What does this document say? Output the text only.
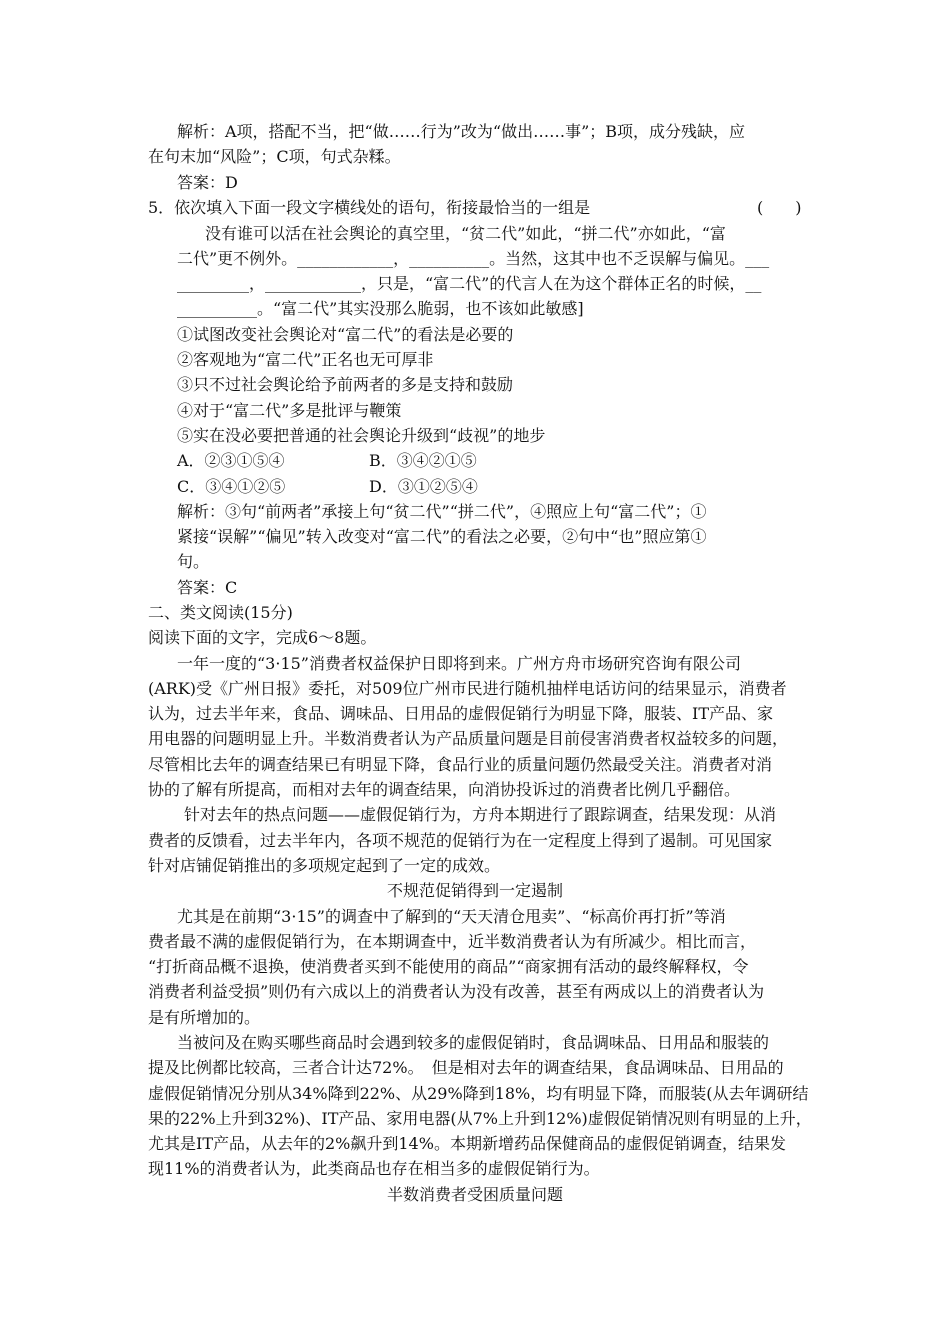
解析：A项，搭配不当，把“做……行为”改为“做出……事”；B项，成分残缺，应
在句末加“风险”；C项，句式杂糅。
答案：D
5．依次填入下面一段文字横线处的语句，衔接最恰当的一组是	(　　)
没有谁可以活在社会舆论的真空里，“贫二代”如此，“拼二代”亦如此，“富
二代”更不例外。____________，__________。当然，这其中也不乏误解与偏见。___
_________，____________，只是，“富二代”的代言人在为这个群体正名的时候，__
__________。“富二代”其实没那么脆弱，也不该如此敏感]
①试图改变社会舆论对“富二代”的看法是必要的
②客观地为“富二代”正名也无可厚非
③只不过社会舆论给予前两者的多是支持和鼓励
④对于“富二代”多是批评与鞭策
⑤实在没必要把普通的社会舆论升级到“歧视”的地步
A．②③①⑤④	B．③④②①⑤
C．③④①②⑤	D．③①②⑤④
解析：③句“前两者”承接上句“贫二代”“拼二代”，④照应上句“富二代”；①
紧接“误解”“偏见”转入改变对“富二代”的看法之必要，②句中“也”照应第①
句。
答案：C
二、类文阅读(15分)
阅读下面的文字，完成6～8题。
一年一度的“3·15”消费者权益保护日即将到来。广州方舟市场研究咨询有限公司
(ARK)受《广州日报》委托，对509位广州市民进行随机抽样电话访问的结果显示，消费者
认为，过去半年来，食品、调味品、日用品的虚假促销行为明显下降，服装、IT产品、家
用电器的问题明显上升。半数消费者认为产品质量问题是目前侵害消费者权益较多的问题，
尽管相比去年的调查结果已有明显下降，食品行业的质量问题仍然最受关注。消费者对消
协的了解有所提高，而相对去年的调查结果，向消协投诉过的消费者比例几乎翻倍。
针对去年的热点问题——虚假促销行为，方舟本期进行了跟踪调查，结果发现：从消
费者的反馈看，过去半年内，各项不规范的促销行为在一定程度上得到了遏制。可见国家
针对店铺促销推出的多项规定起到了一定的成效。
不规范促销得到一定遏制
尤其是在前期“3·15”的调查中了解到的“天天清仓甩卖”、“标高价再打折”等消
费者最不满的虚假促销行为，在本期调查中，近半数消费者认为有所减少。相比而言，
“打折商品概不退换，使消费者买到不能使用的商品”“商家拥有活动的最终解释权，令
消费者利益受损”则仍有六成以上的消费者认为没有改善，甚至有两成以上的消费者认为
是有所增加的。
当被问及在购买哪些商品时会遇到较多的虚假促销时，食品调味品、日用品和服装的
提及比例都比较高，三者合计达72%。　但是相对去年的调查结果，食品调味品、日用品的
虚假促销情况分别从34%降到22%、从29%降到18%，均有明显下降，而服装(从去年调研结
果的22%上升到32%)、IT产品、家用电器(从7%上升到12%)虚假促销情况则有明显的上升，
尤其是IT产品，从去年的2%飙升到14%。本期新增药品保健商品的虚假促销调查，结果发
现11%的消费者认为，此类商品也存在相当多的虚假促销行为。
半数消费者受困质量问题
